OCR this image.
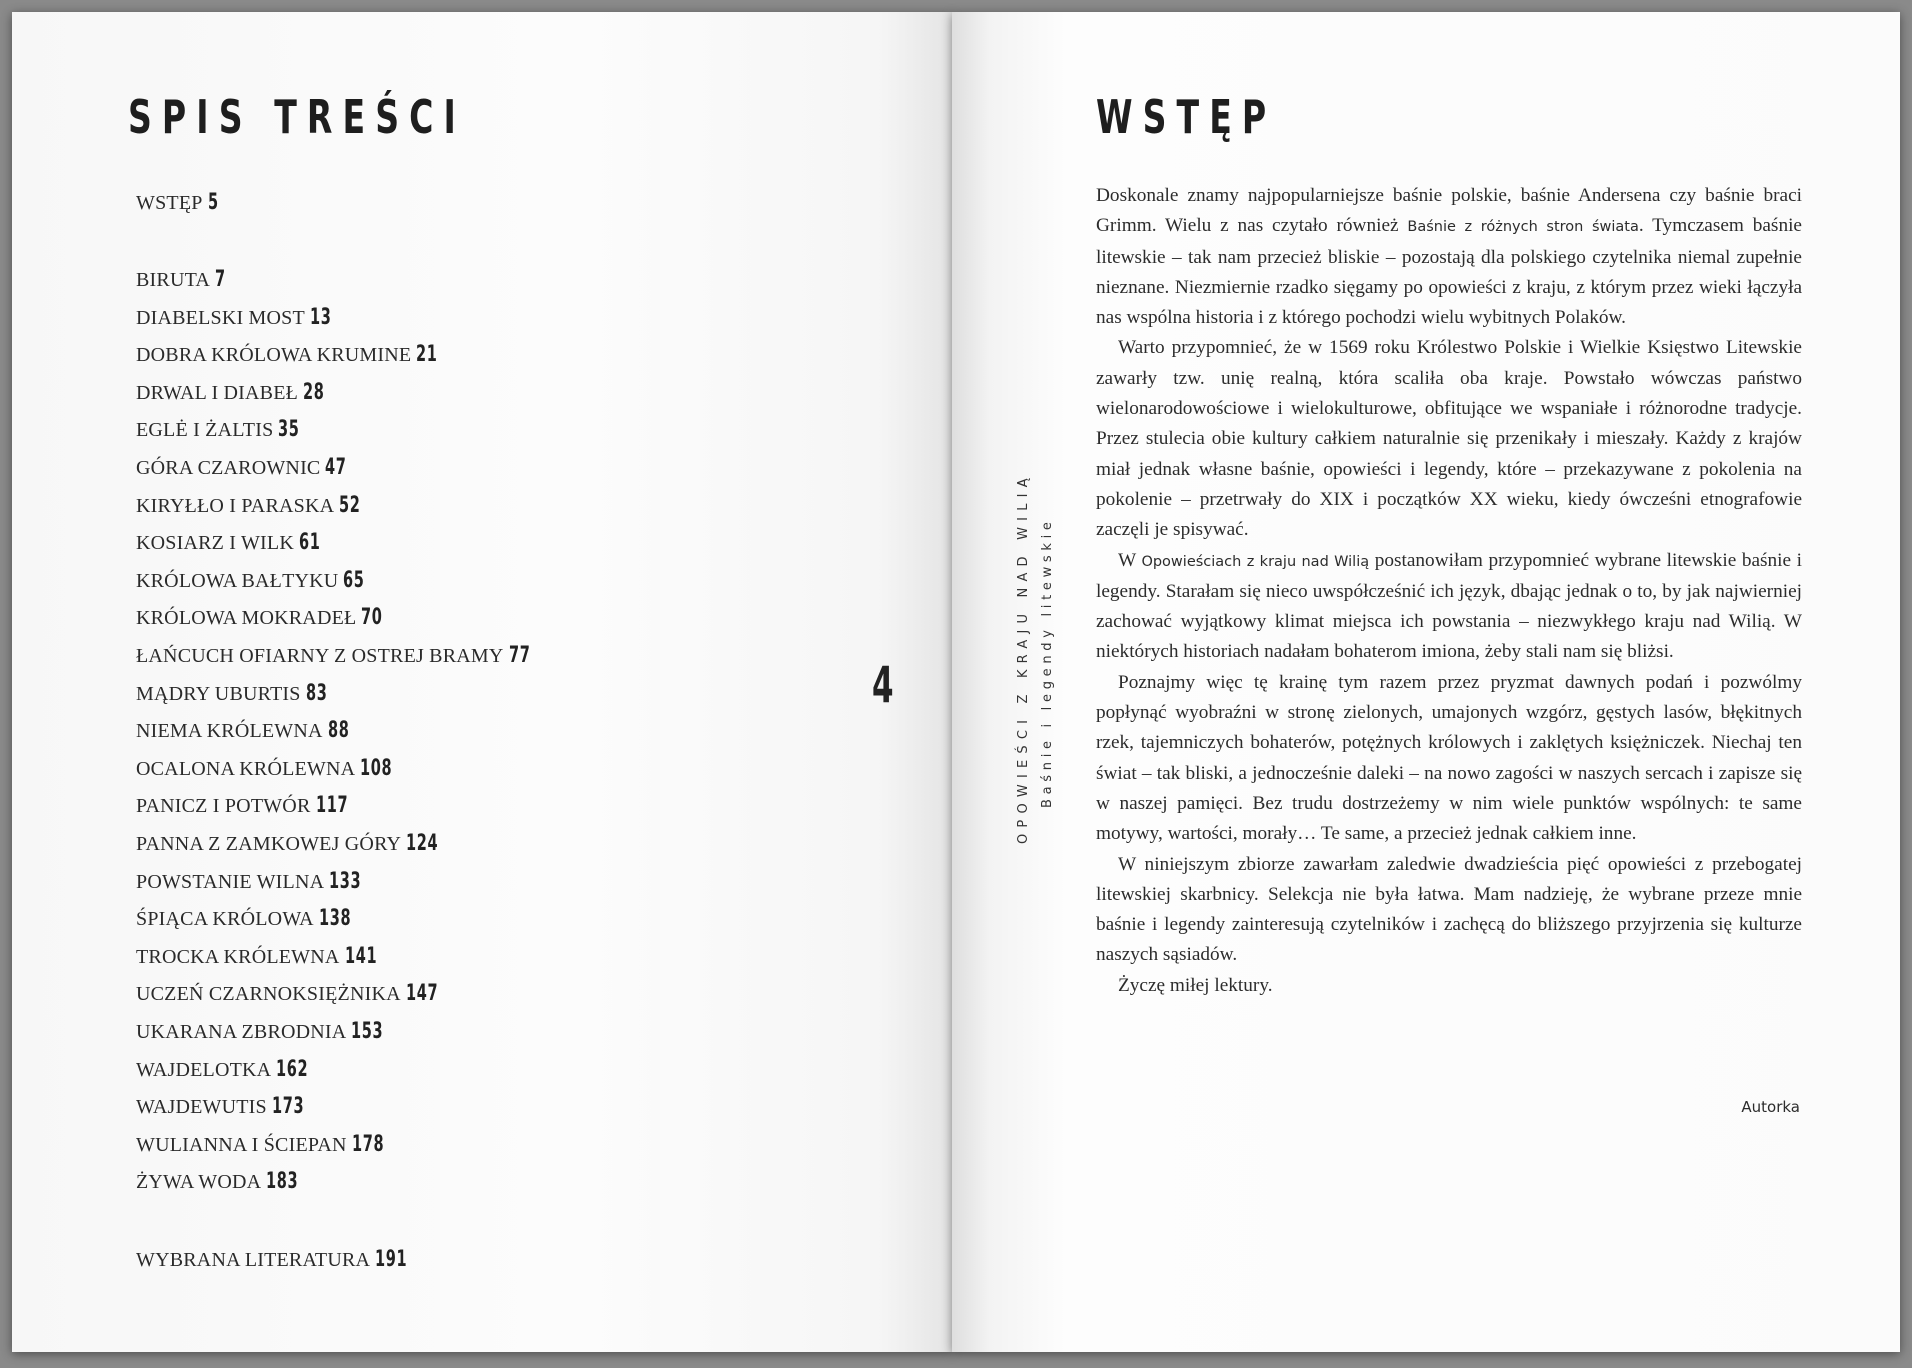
SPIS TREŚCI
WSTĘP 5
BIRUTA 7
DIABELSKI MOST 13
DOBRA KRÓLOWA KRUMINE 21
DRWAL I DIABEŁ 28
EGLĖ I ŻALTIS 35
GÓRA CZAROWNIC 47
KIRYŁŁO I PARASKA 52
KOSIARZ I WILK 61
KRÓLOWA BAŁTYKU 65
KRÓLOWA MOKRADEŁ 70
ŁAŃCUCH OFIARNY Z OSTREJ BRAMY 77
MĄDRY UBURTIS 83
NIEMA KRÓLEWNA 88
OCALONA KRÓLEWNA 108
PANICZ I POTWÓR 117
PANNA Z ZAMKOWEJ GÓRY 124
POWSTANIE WILNA 133
ŚPIĄCA KRÓLOWA 138
TROCKA KRÓLEWNA 141
UCZEŃ CZARNOKSIĘŻNIKA 147
UKARANA ZBRODNIA 153
WAJDELOTKA 162
WAJDEWUTIS 173
WULIANNA I ŚCIEPAN 178
ŻYWA WODA 183
WYBRANA LITERATURA 191
4	OPOWIEŚCI Z KRAJU NAD WILIĄ Baśnie i legendy litewskie
WSTĘP

Doskonale znamy najpopularniejsze baśnie polskie, baśnie Andersena czy baśnie braci Grimm. Wielu z nas czytało również Baśnie z różnych stron świata. Tymczasem baśnie litewskie – tak nam przecież bliskie – pozostają dla polskiego czytelnika niemal zupełnie nieznane. Niezmiernie rzadko sięgamy po opowieści z kraju, z którym przez wieki łączyła nas wspólna historia i z którego pochodzi wielu wybitnych Polaków.

Warto przypomnieć, że w 1569 roku Królestwo Polskie i Wielkie Księstwo Litewskie zawarły tzw. unię realną, która scaliła oba kraje. Powstało wówczas państwo wielonarodowościowe i wielokulturowe, obfitujące we wspaniałe i różnorodne tradycje. Przez stulecia obie kultury całkiem naturalnie się przenikały i mieszały. Każdy z krajów miał jednak własne baśnie, opowieści i legendy, które – przekazywane z pokolenia na pokolenie – przetrwały do XIX i początków XX wieku, kiedy ówcześni etnografowie zaczęli je spisywać.

W Opowieściach z kraju nad Wilią postanowiłam przypomnieć wybrane litewskie baśnie i legendy. Starałam się nieco uwspółcześnić ich język, dbając jednak o to, by jak najwierniej zachować wyjątkowy klimat miejsca ich powstania – niezwykłego kraju nad Wilią. W niektórych historiach nadałam bohaterom imiona, żeby stali nam się bliżsi.

Poznajmy więc tę krainę tym razem przez pryzmat dawnych podań i pozwólmy popłynąć wyobraźni w stronę zielonych, umajonych wzgórz, gęstych lasów, błękitnych rzek, tajemniczych bohaterów, potężnych królowych i zaklętych księżniczek. Niechaj ten świat – tak bliski, a jednocześnie daleki – na nowo zagości w naszych sercach i zapisze się w naszej pamięci. Bez trudu dostrzeżemy w nim wiele punktów wspólnych: te same motywy, wartości, morały… Te same, a przecież jednak całkiem inne.

W niniejszym zbiorze zawarłam zaledwie dwadzieścia pięć opowieści z przebogatej litewskiej skarbnicy. Selekcja nie była łatwa. Mam nadzieję, że wybrane przeze mnie baśnie i legendy zainteresują czytelników i zachęcą do bliższego przyjrzenia się kulturze naszych sąsiadów.

Życzę miłej lektury.

Autorka
